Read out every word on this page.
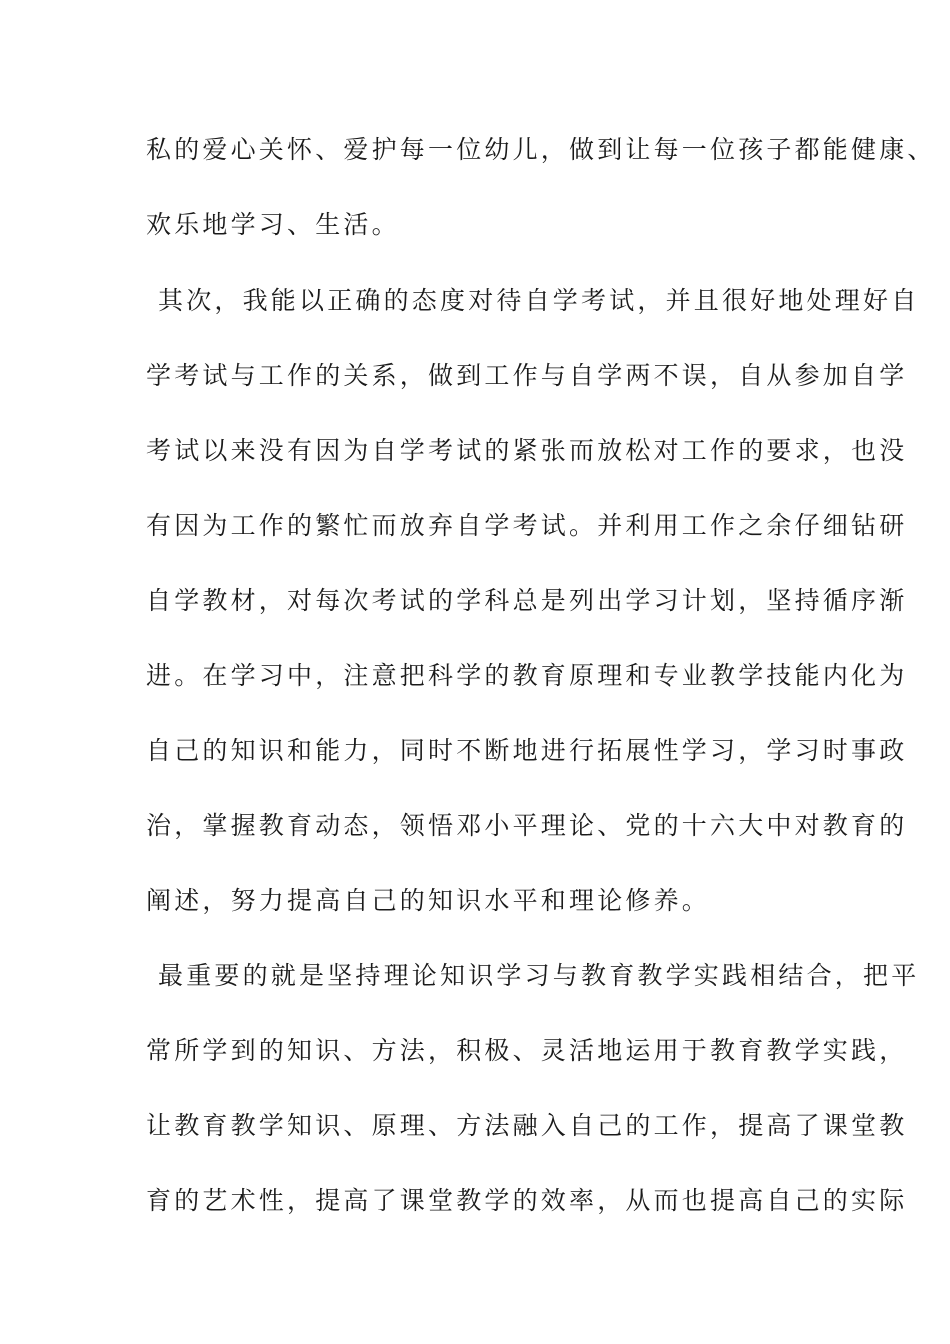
私的爱心关怀、爱护每一位幼儿，做到让每一位孩子都能健康、
欢乐地学习、生活。
其次，我能以正确的态度对待自学考试，并且很好地处理好自
学考试与工作的关系，做到工作与自学两不误，自从参加自学
考试以来没有因为自学考试的紧张而放松对工作的要求，也没
有因为工作的繁忙而放弃自学考试。并利用工作之余仔细钻研
自学教材，对每次考试的学科总是列出学习计划，坚持循序渐
进。在学习中，注意把科学的教育原理和专业教学技能内化为
自己的知识和能力，同时不断地进行拓展性学习，学习时事政
治，掌握教育动态，领悟邓小平理论、党的十六大中对教育的
阐述，努力提高自己的知识水平和理论修养。
最重要的就是坚持理论知识学习与教育教学实践相结合，把平
常所学到的知识、方法，积极、灵活地运用于教育教学实践，
让教育教学知识、原理、方法融入自己的工作，提高了课堂教
育的艺术性，提高了课堂教学的效率，从而也提高自己的实际
